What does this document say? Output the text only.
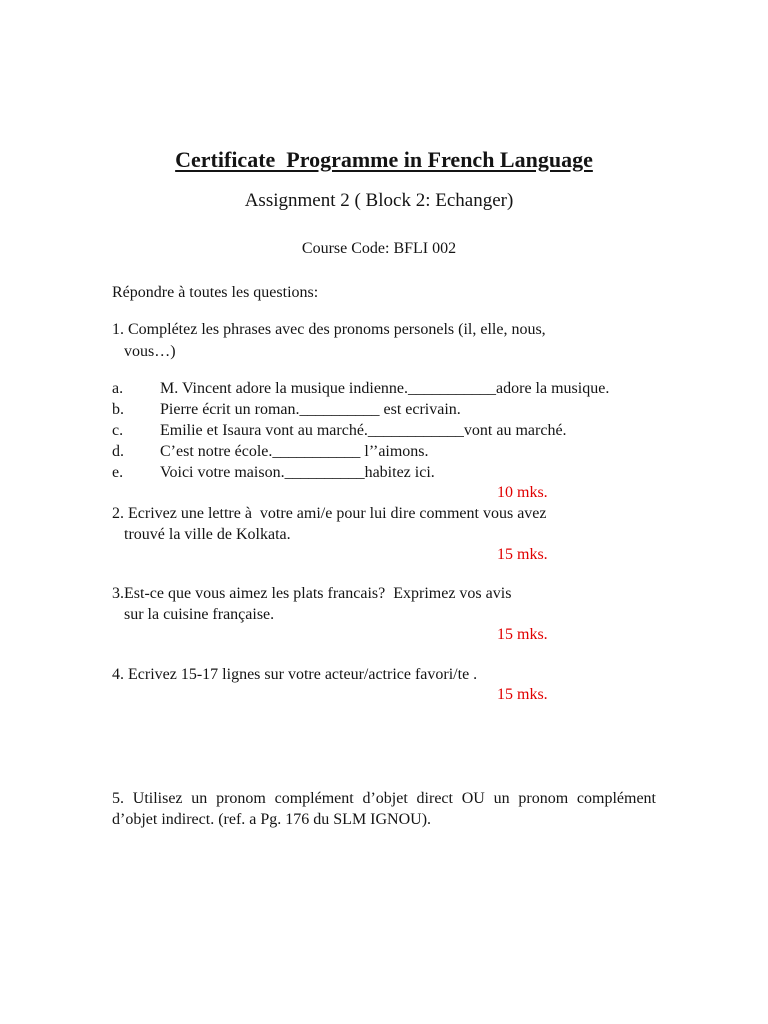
Certificate  Programme in French Language
Assignment 2 ( Block 2: Echanger)
Course Code: BFLI 002
Répondre à toutes les questions:
1. Complétez les phrases avec des pronoms personels (il, elle, nous,
vous…)
a. M. Vincent adore la musique indienne.___________adore la musique.
b. Pierre écrit un roman.__________ est ecrivain.
c. Emilie et Isaura vont au marché.____________vont au marché.
d. C’est notre école.___________ l’’aimons.
e. Voici votre maison.__________habitez ici.
10 mks.
2. Ecrivez une lettre à  votre ami/e pour lui dire comment vous avez
trouvé la ville de Kolkata.
15 mks.
3.Est-ce que vous aimez les plats francais?  Exprimez vos avis
sur la cuisine française.
15 mks.
4. Ecrivez 15-17 lignes sur votre acteur/actrice favori/te .
15 mks.
5. Utilisez un pronom complément d’objet direct OU un pronom complément d’objet indirect. (ref. a Pg. 176 du SLM IGNOU).
